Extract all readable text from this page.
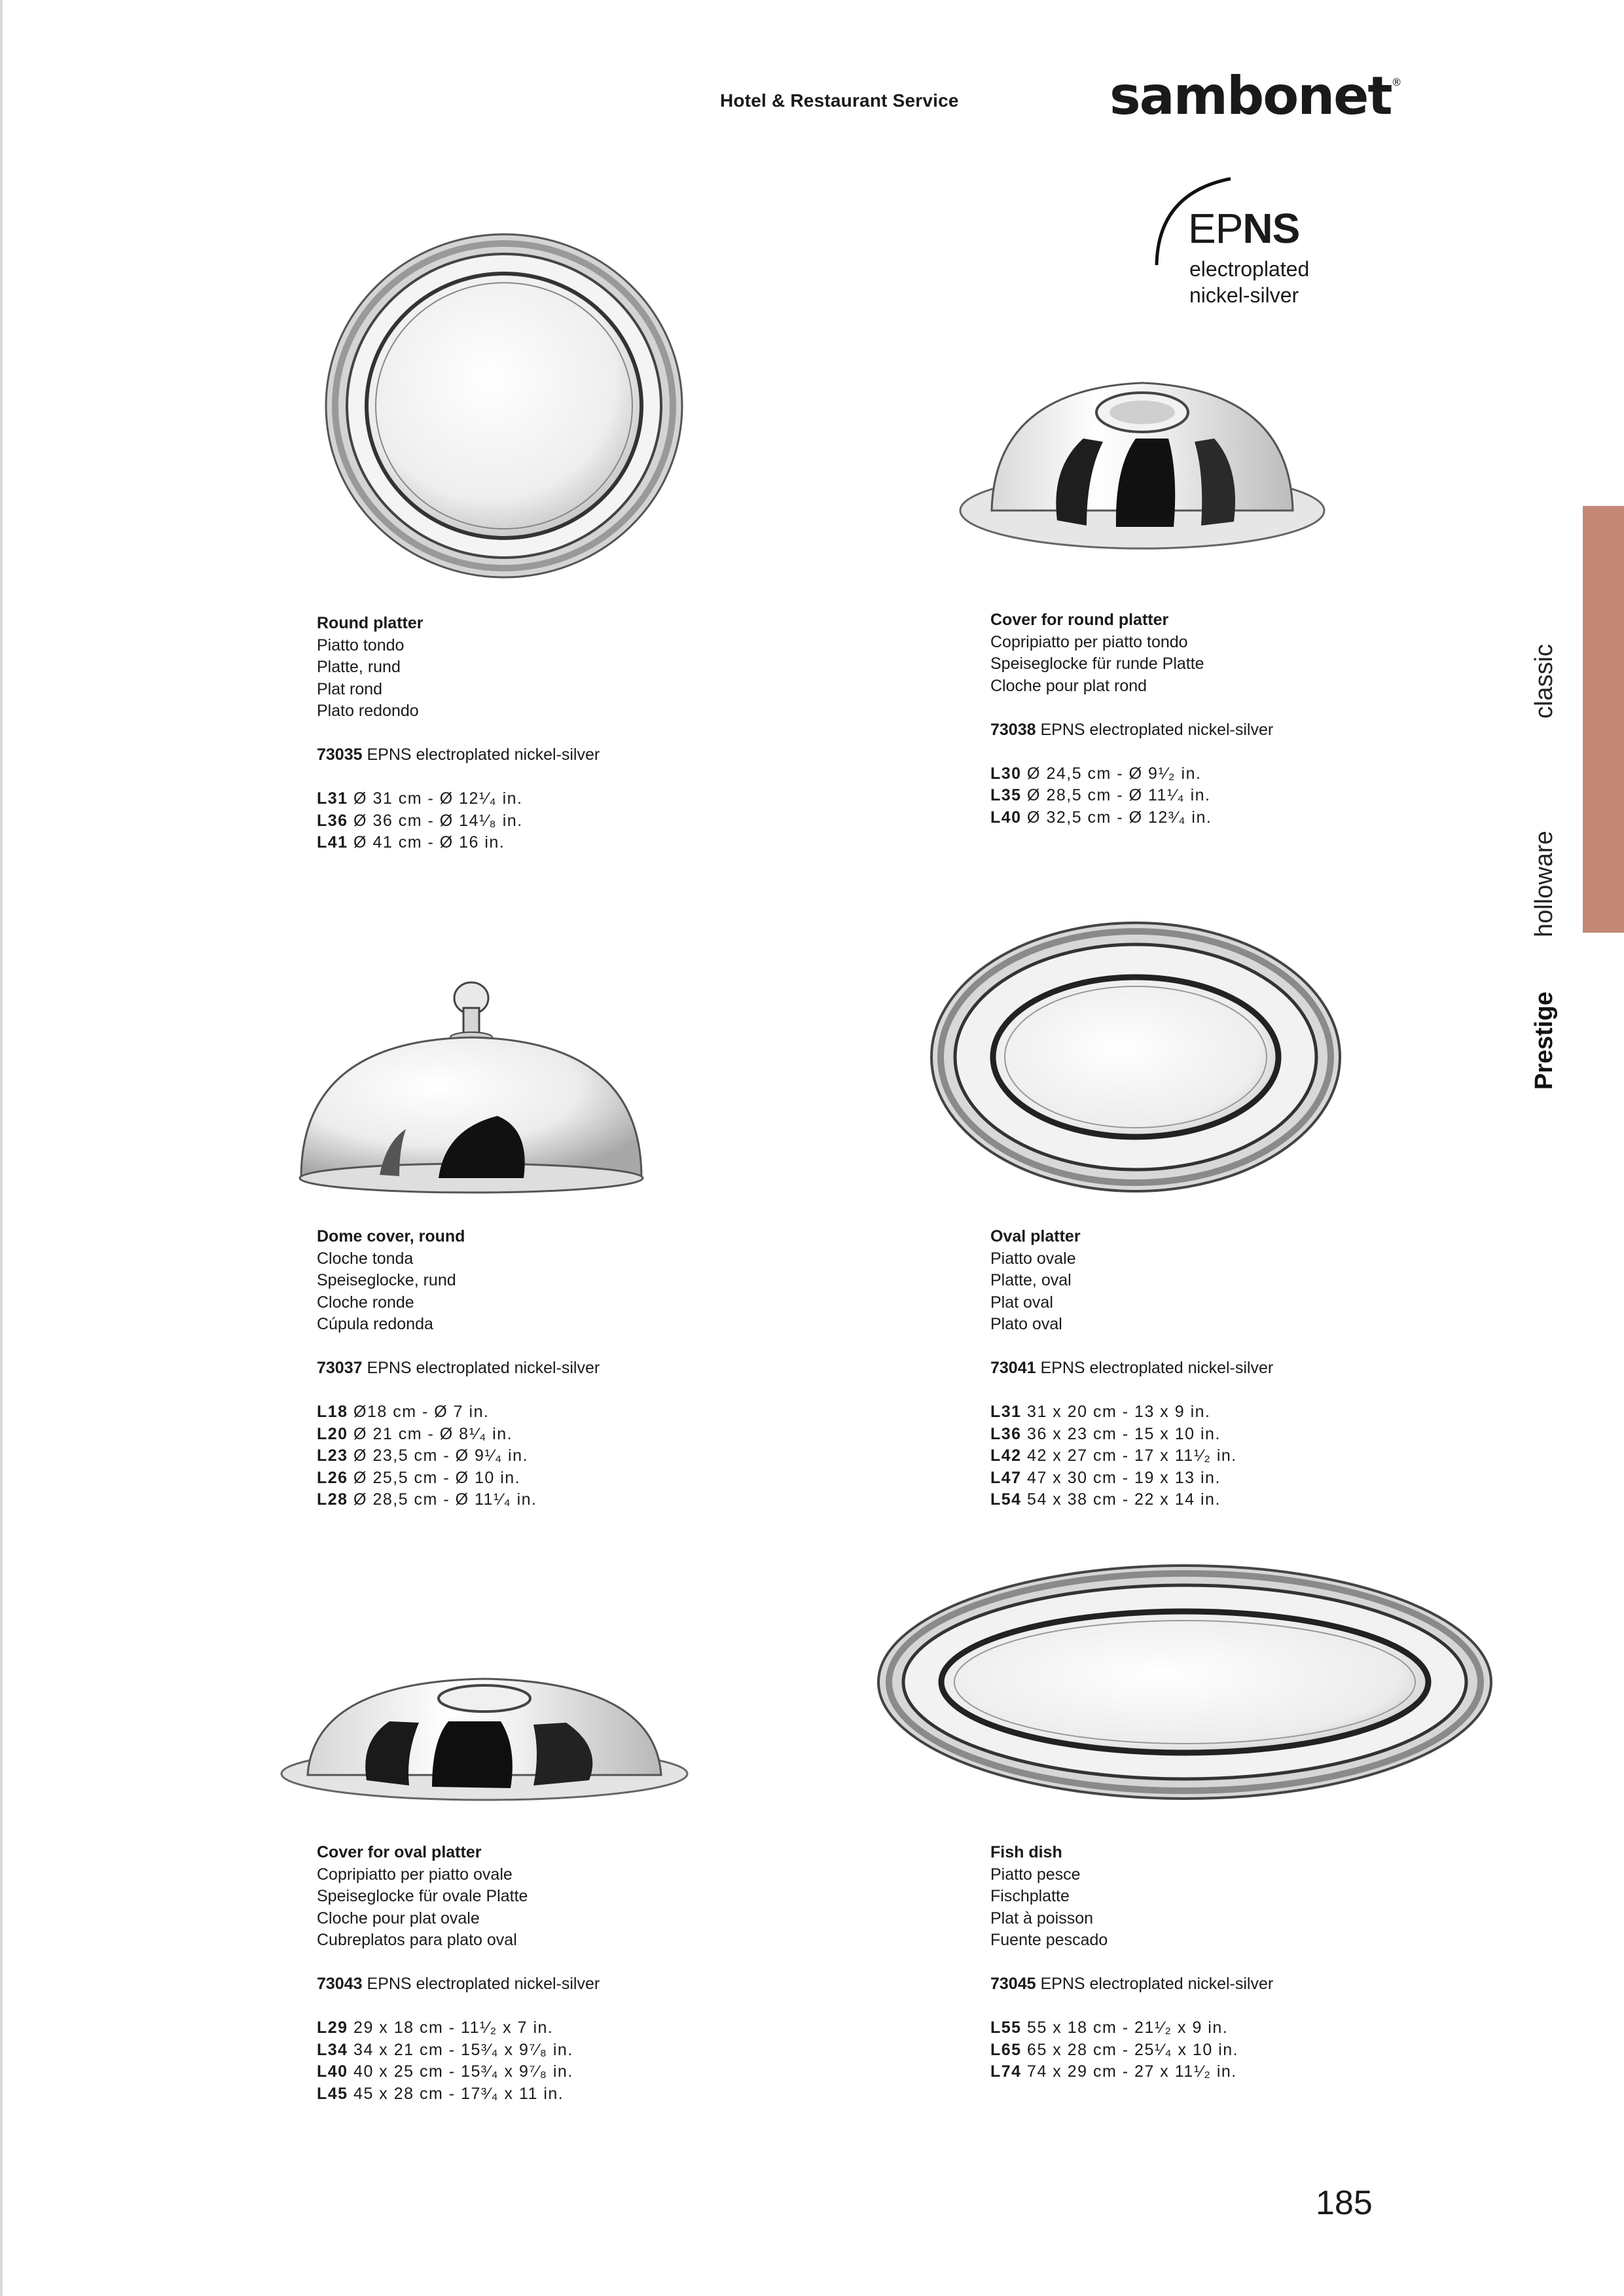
Hotel & Restaurant Service	sambonet®
EPNS
electroplated
nickel-silver
classic
holloware
Prestige
Round platter
Piatto tondo
Platte, rund
Plat rond
Plato redondo
73035 EPNS electroplated nickel-silver
L31 Ø 31 cm - Ø 12¹⁄₄ in.
L36 Ø 36 cm - Ø 14¹⁄₈ in.
L41 Ø 41 cm - Ø 16 in.
Cover for round platter
Copripiatto per piatto tondo
Speiseglocke für runde Platte
Cloche pour plat rond
73038 EPNS electroplated nickel-silver
L30 Ø 24,5 cm - Ø 9¹⁄₂ in.
L35 Ø 28,5 cm - Ø 11¹⁄₄ in.
L40 Ø 32,5 cm - Ø 12³⁄₄ in.
Dome cover, round
Cloche tonda
Speiseglocke, rund
Cloche ronde
Cúpula redonda
73037 EPNS electroplated nickel-silver
L18 Ø18 cm - Ø 7 in.
L20 Ø 21 cm - Ø 8¹⁄₄ in.
L23 Ø 23,5 cm - Ø 9¹⁄₄ in.
L26 Ø 25,5 cm - Ø 10 in.
L28 Ø 28,5 cm - Ø 11¹⁄₄ in.
Oval platter
Piatto ovale
Platte, oval
Plat oval
Plato oval
73041 EPNS electroplated nickel-silver
L31 31 x 20 cm - 13 x 9 in.
L36 36 x 23 cm - 15 x 10 in.
L42 42 x 27 cm - 17 x 11¹⁄₂ in.
L47 47 x 30 cm - 19 x 13 in.
L54 54 x 38 cm - 22 x 14 in.
Cover for oval platter
Copripiatto per piatto ovale
Speiseglocke für ovale Platte
Cloche pour plat ovale
Cubreplatos para plato oval
73043 EPNS electroplated nickel-silver
L29 29 x 18 cm - 11¹⁄₂ x 7 in.
L34 34 x 21 cm - 15³⁄₄ x 9⁷⁄₈ in.
L40 40 x 25 cm - 15³⁄₄ x 9⁷⁄₈ in.
L45 45 x 28 cm - 17³⁄₄ x 11 in.
Fish dish
Piatto pesce
Fischplatte
Plat à poisson
Fuente pescado
73045 EPNS electroplated nickel-silver
L55 55 x 18 cm - 21¹⁄₂ x 9 in.
L65 65 x 28 cm - 25¹⁄₄ x 10 in.
L74 74 x 29 cm - 27 x 11¹⁄₂ in.
185
